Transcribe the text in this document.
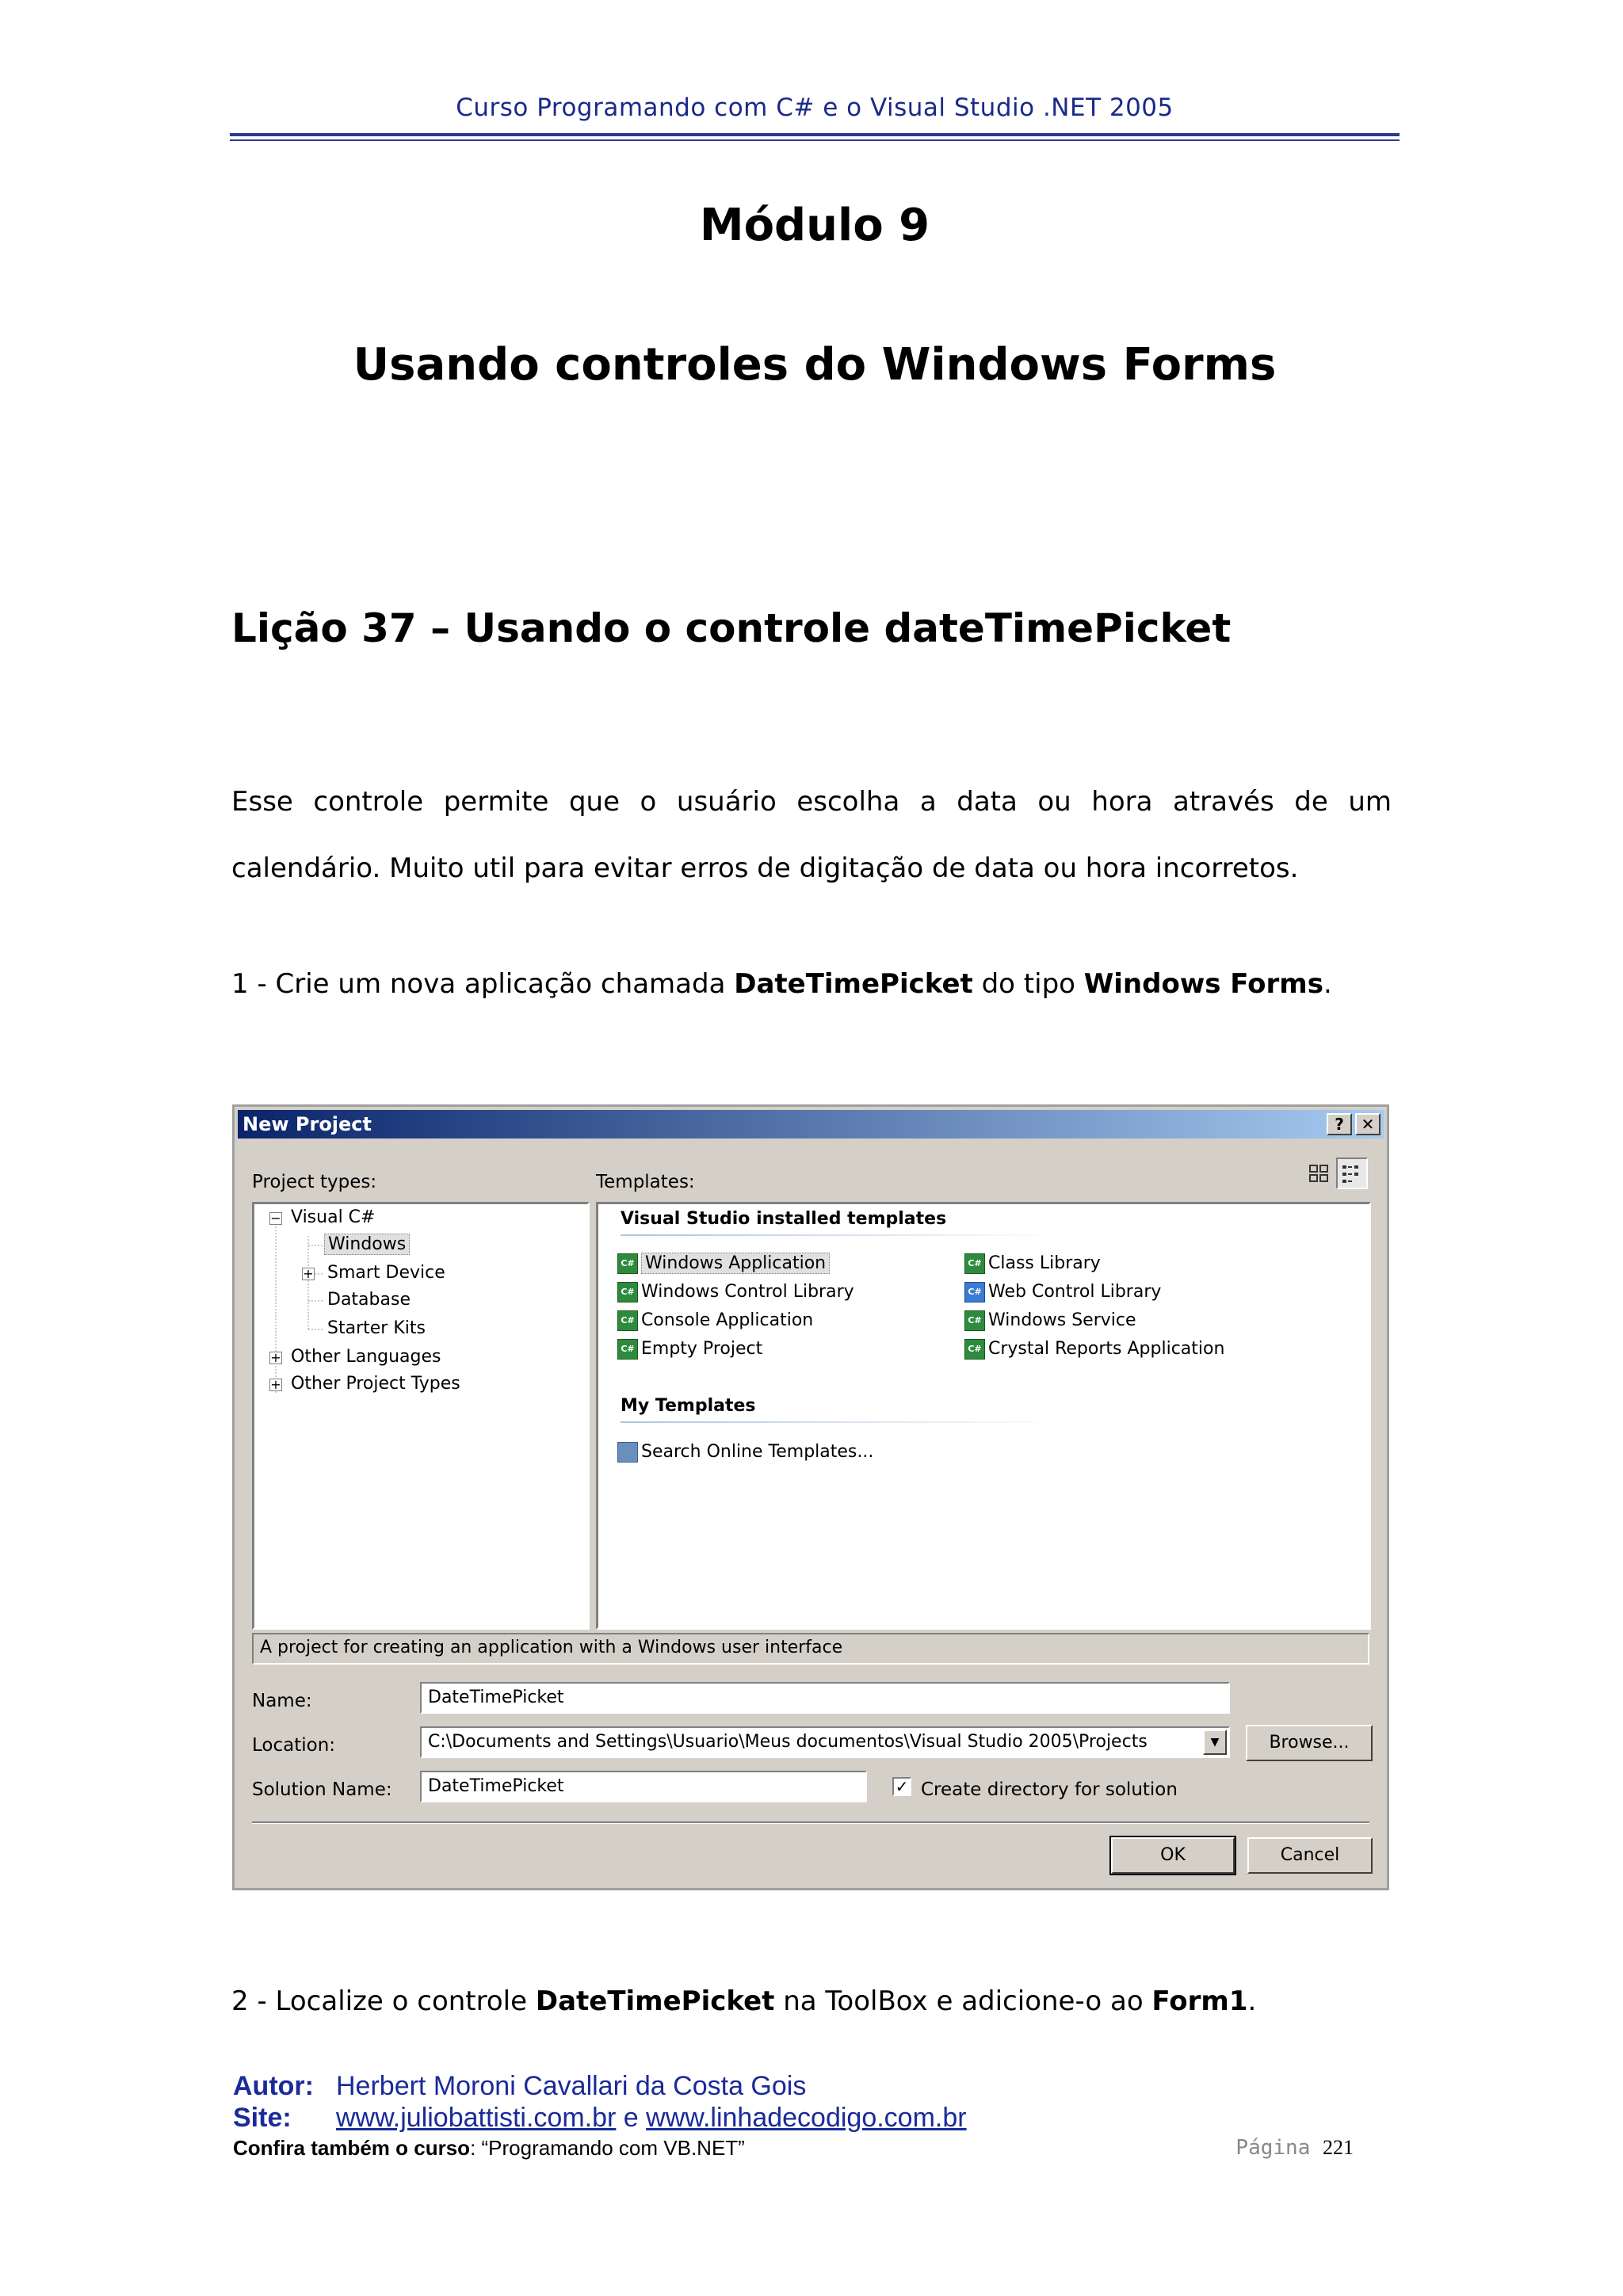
Curso Programando com C# e o Visual Studio .NET 2005
Módulo 9
Usando controles do Windows Forms
Lição 37 – Usando o controle dateTimePicket
Esse controle permite que o usuário escolha a data ou hora através de um
calendário. Muito util para evitar erros de digitação de data ou hora incorretos.
1 - Crie um nova aplicação chamada DateTimePicket do tipo Windows Forms.
New Project	?	✕
Project types:	Templates:
− Visual C#
Windows
+ Smart Device
Database
Starter Kits
+ Other Languages
+ Other Project Types
Visual Studio installed templates
C# Windows Application
C# Windows Control Library
C# Console Application
C# Empty Project
C# Class Library
C# Web Control Library
C# Windows Service
C# Crystal Reports Application
My Templates
Search Online Templates...
A project for creating an application with a Windows user interface
Name:	DateTimePicket
Location:	C:\Documents and Settings\Usuario\Meus documentos\Visual Studio 2005\Projects	▼	Browse...
Solution Name:	DateTimePicket	✓ Create directory for solution
OK	Cancel
2 - Localize o controle DateTimePicket na ToolBox e adicione-o ao Form1.
Autor: Herbert Moroni Cavallari da Costa Gois
Site: www.juliobattisti.com.br e www.linhadecodigo.com.br
Confira também o curso: “Programando com VB.NET”	Página 221
